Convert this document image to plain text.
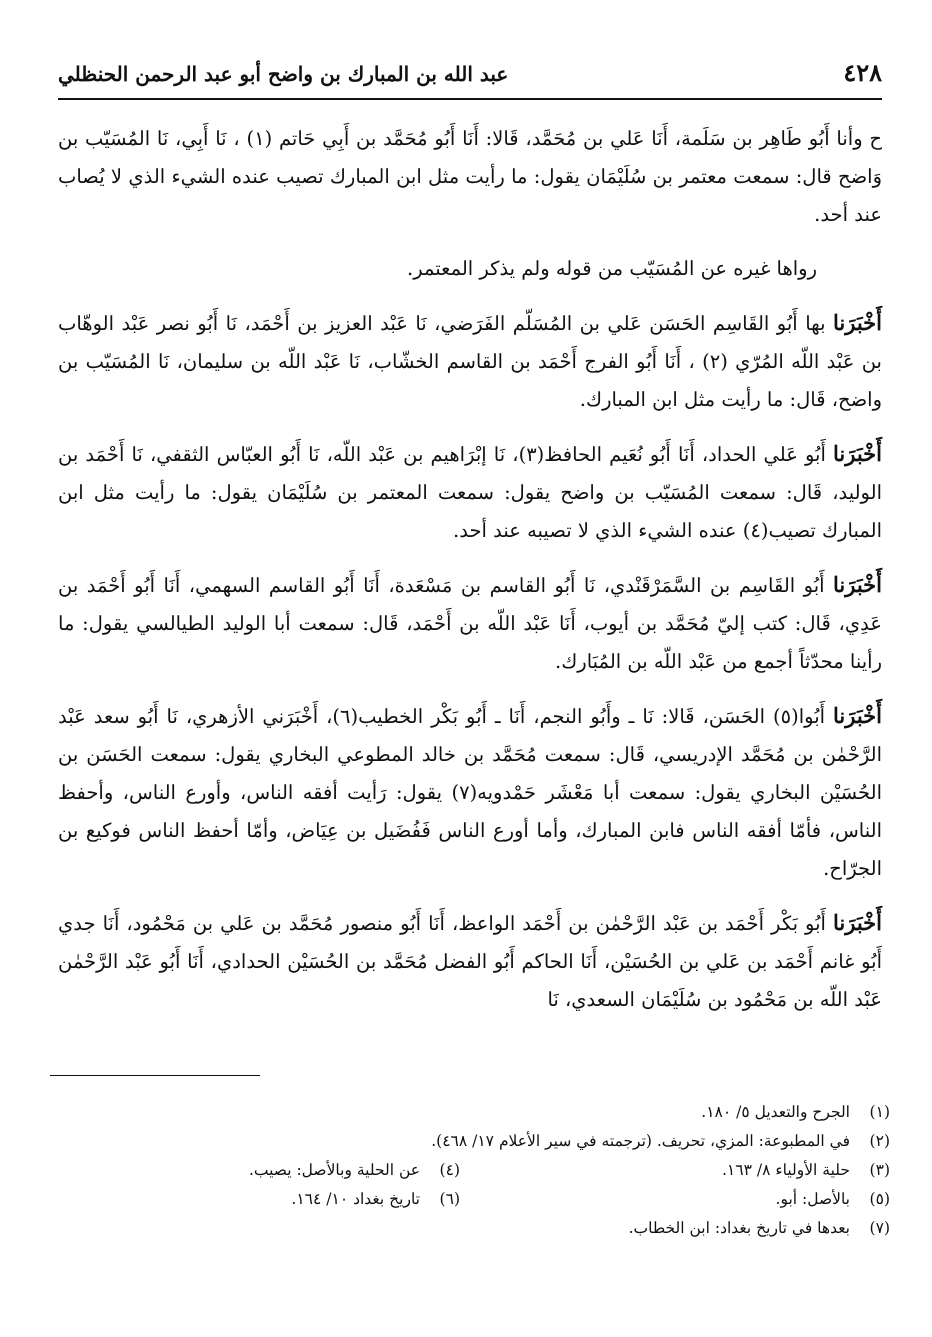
٤٢٨
عبد الله بن المبارك بن واضح أبو عبد الرحمن الحنظلي

ح وأنا أَبُو طَاهِر بن سَلَمة، أَنَا عَلي بن مُحَمَّد، قَالا: أَنَا أَبُو مُحَمَّد بن أَبِي حَاتم (١) ، نَا أَبِي، نَا المُسَيّب بن وَاضح قال: سمعت معتمر بن سُلَيْمَان يقول: ما رأيت مثل ابن المبارك تصيب عنده الشيء الذي لا يُصاب عند أحد.

رواها غيره عن المُسَيّب من قوله ولم يذكر المعتمر.

أَخْبَرَنا بها أَبُو القَاسِم الحَسَن عَلي بن المُسَلّم الفَرَضي، نَا عَبْد العزيز بن أَحْمَد، نَا أَبُو نصر عَبْد الوهّاب بن عَبْد اللّه المُرّي (٢) ، أَنَا أَبُو الفرج أَحْمَد بن القاسم الخشّاب، نَا عَبْد اللّه بن سليمان، نَا المُسَيّب بن واضح، قَال: ما رأيت مثل ابن المبارك.

أَخْبَرَنا أَبُو عَلي الحداد، أَنَا أَبُو نُعَيم الحافظ(٣)، نَا إبْرَاهيم بن عَبْد اللّه، نَا أَبُو العبّاس الثقفي، نَا أَحْمَد بن الوليد، قَال: سمعت المُسَيّب بن واضح يقول: سمعت المعتمر بن سُلَيْمَان يقول: ما رأيت مثل ابن المبارك تصيب(٤) عنده الشيء الذي لا تصيبه عند أحد.

أَخْبَرَنا أَبُو القَاسِم بن السَّمَرْقَنْدي، نَا أَبُو القاسم بن مَسْعَدة، أَنَا أَبُو القاسم السهمي، أَنَا أَبُو أَحْمَد بن عَدِي، قَال: كتب إليّ مُحَمَّد بن أيوب، أَنَا عَبْد اللّه بن أَحْمَد، قَال: سمعت أبا الوليد الطيالسي يقول: ما رأينا محدّثاً أجمع من عَبْد اللّه بن المُبَارك.

أَخْبَرَنا أَبُوا(٥) الحَسَن، قَالا: نَا ـ وأَبُو النجم، أَنَا ـ أَبُو بَكْر الخطيب(٦)، أَخْبَرَني الأزهري، نَا أَبُو سعد عَبْد الرَّحْمٰن بن مُحَمَّد الإدريسي، قَال: سمعت مُحَمَّد بن خالد المطوعي البخاري يقول: سمعت الحَسَن بن الحُسَيْن البخاري يقول: سمعت أبا مَعْشَر حَمْدويه(٧) يقول: رَأيت أفقه الناس، وأورع الناس، وأحفظ الناس، فأمّا أفقه الناس فابن المبارك، وأما أورع الناس فَفُضَيل بن عِيَاض، وأمّا أحفظ الناس فوكيع بن الجرّاح.

أَخْبَرَنا أَبُو بَكْر أَحْمَد بن عَبْد الرَّحْمٰن بن أَحْمَد الواعظ، أَنَا أَبُو منصور مُحَمَّد بن عَلي بن مَحْمُود، أَنَا جدي أَبُو غانم أَحْمَد بن عَلي بن الحُسَيْن، أَنَا الحاكم أَبُو الفضل مُحَمَّد بن الحُسَيْن الحدادي، أَنَا أَبُو عَبْد الرَّحْمٰن عَبْد اللّه بن مَحْمُود بن سُلَيْمَان السعدي، نَا

(١)الجرح والتعديل ٥/ ١٨٠.
(٢)في المطبوعة: المزي، تحريف. (ترجمته في سير الأعلام ١٧/ ٤٦٨).
(٣)حلية الأولياء ٨/ ١٦٣.
(٤)عن الحلية وبالأصل: يصيب.
(٥)بالأصل: أبو.
(٦)تاريخ بغداد ١٠/ ١٦٤.
(٧)بعدها في تاريخ بغداد: ابن الخطاب.
